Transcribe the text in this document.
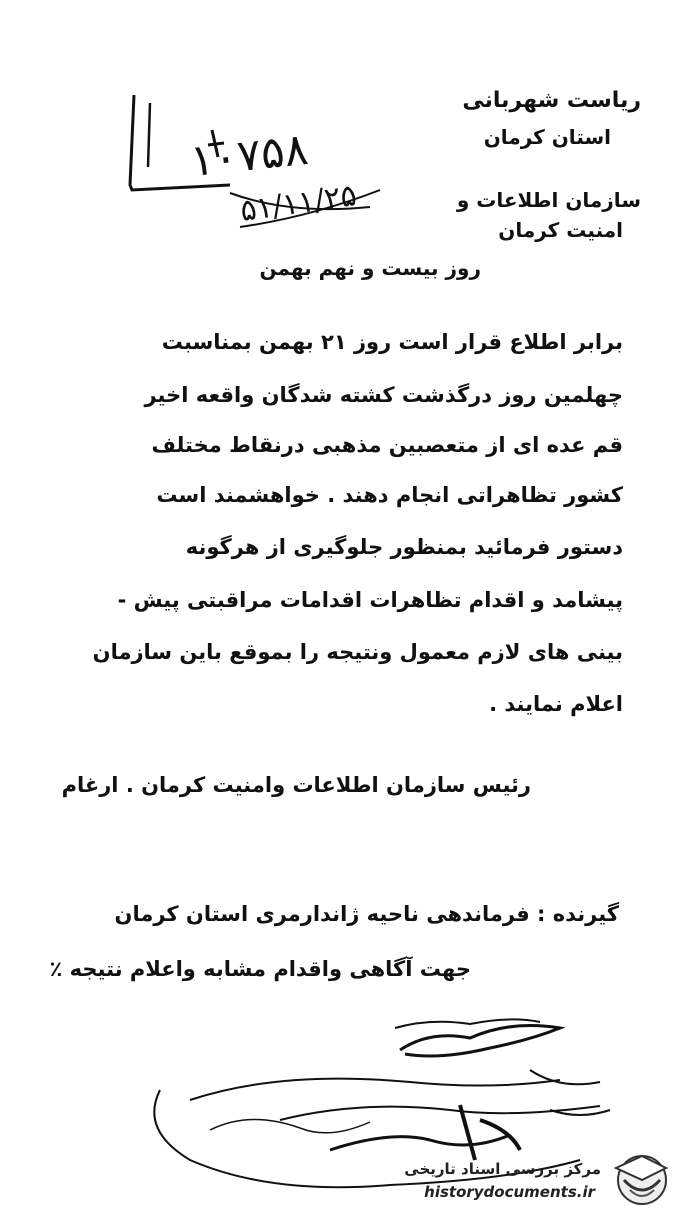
ریاست شهربانی
استان کرمان
سازمان اطلاعات و
امنیت کرمان
روز بیست و نهم بهمن
۱۰۷۵۸
۵۱/۱۱/۲۵
برابر اطلاع قرار است روز ۲۱ بهمن بمناسبت
چهلمین روز درگذشت کشته شدگان واقعه اخیر
قم عده ای از متعصبین مذهبی درنقاط مختلف
کشور تظاهراتی انجام دهند . خواهشمند است
دستور فرمائید بمنظور جلوگیری از هرگونه
پیشامد و اقدام تظاهرات اقدامات مراقبتی پیش -
بینی های لازم معمول ونتیجه را بموقع باین سازمان
اعلام نمایند .
رئیس سازمان اطلاعات وامنیت کرمان . ارغام
گیرنده : فرماندهی ناحیه ژاندارمری استان کرمان
جهت آگاهی واقدام مشابه واعلام نتیجه ٪
مرکز بررسی اسناد تاریخی
historydocuments.ir
